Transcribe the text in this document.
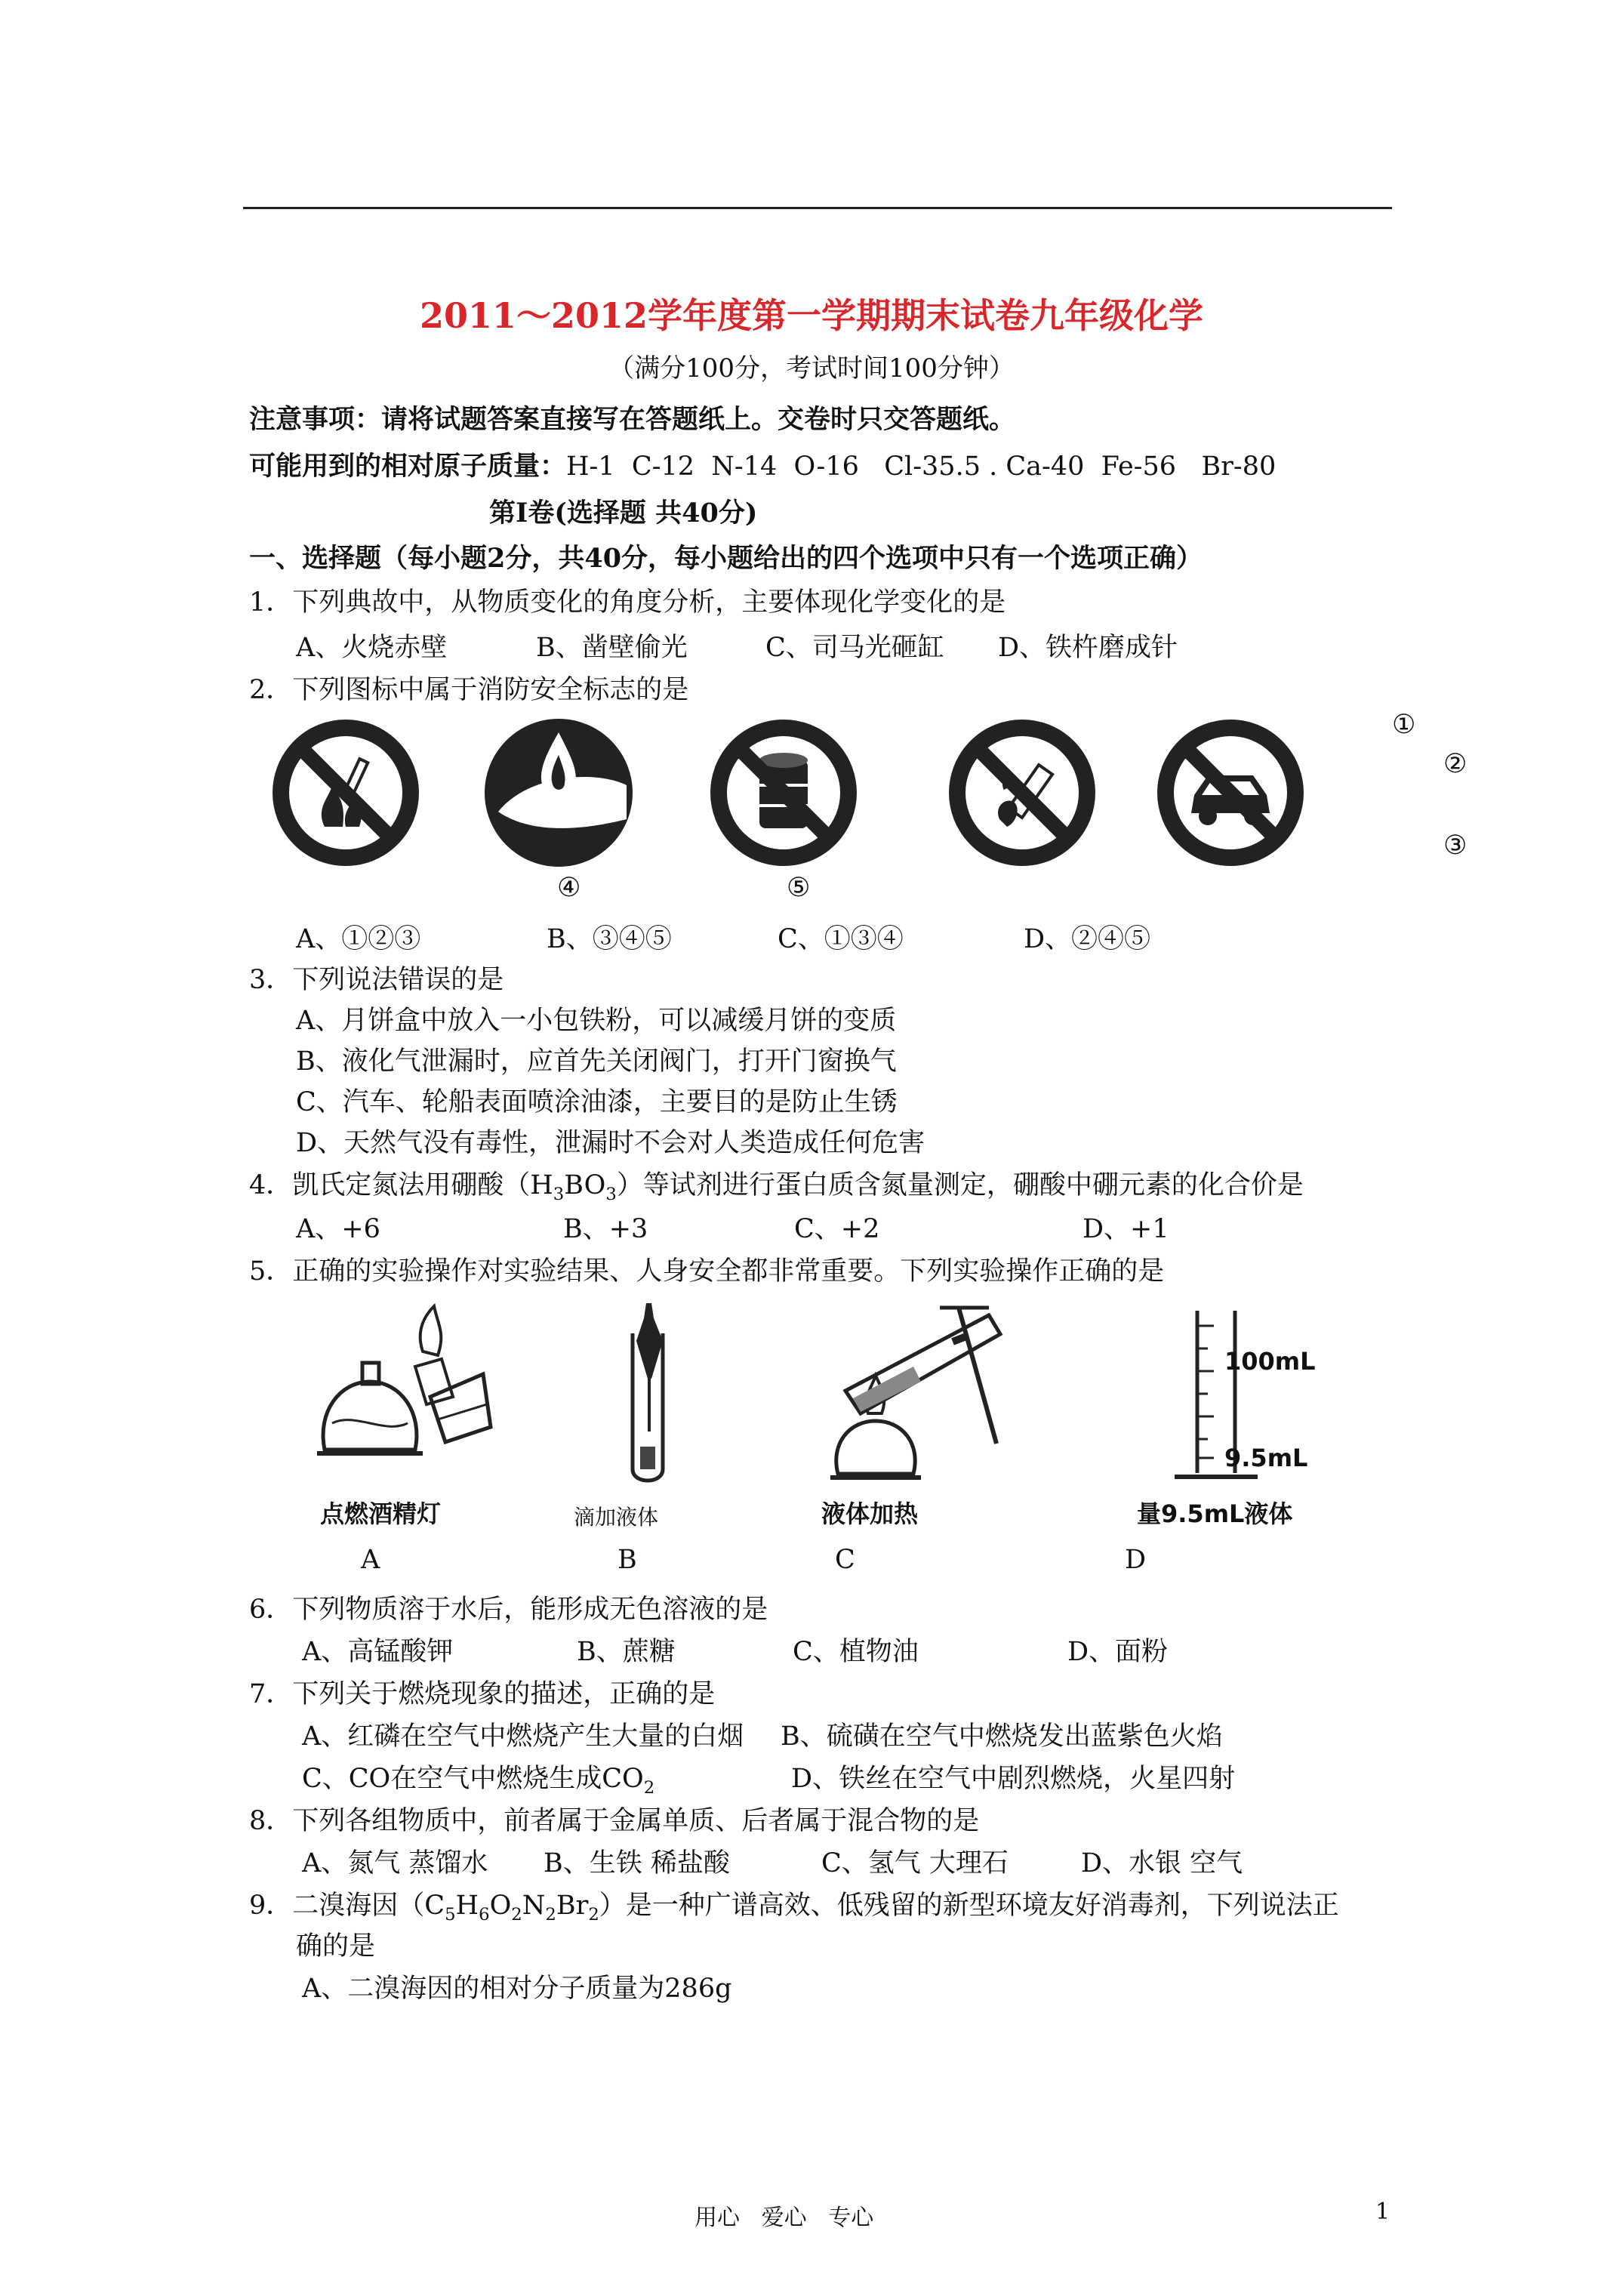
2011～2012学年度第一学期期末试卷九年级化学
（满分100分，考试时间100分钟）
注意事项：请将试题答案直接写在答题纸上。交卷时只交答题纸。
可能用到的相对原子质量：H-1  C-12  N-14  O-16   Cl-35.5 . Ca-40  Fe-56   Br-80
第Ⅰ卷(选择题 共40分)
一、选择题（每小题2分，共40分，每小题给出的四个选项中只有一个选项正确）
1．下列典故中，从物质变化的角度分析，主要体现化学变化的是
A、火烧赤壁	B、凿壁偷光	C、司马光砸缸 D、铁杵磨成针
2．下列图标中属于消防安全标志的是
①
②
③
④	⑤
A、①②③	B、③④⑤	C、①③④	D、②④⑤
3．下列说法错误的是
A、月饼盒中放入一小包铁粉，可以减缓月饼的变质
B、液化气泄漏时，应首先关闭阀门，打开门窗换气
C、汽车、轮船表面喷涂油漆，主要目的是防止生锈
D、天然气没有毒性，泄漏时不会对人类造成任何危害
4．凯氏定氮法用硼酸$(H_3BO_3)$等试剂进行蛋白质含氮量测定，硼酸中硼元素的化合价是
A、+6	B、+3	C、+2	D、+1
5．正确的实验操作对实验结果、人身安全都非常重要。下列实验操作正确的是
100mL
9.5mL
点燃酒精灯	滴加液体	液体加热	量9.5mL液体
A	B	C	D
6．下列物质溶于水后，能形成无色溶液的是
A、高锰酸钾	B、蔗糖	C、植物油	D、面粉
7．下列关于燃烧现象的描述，正确的是
A、红磷在空气中燃烧产生大量的白烟 B、硫磺在空气中燃烧发出蓝紫色火焰
C、CO在空气中燃烧生成$CO_2$	D、铁丝在空气中剧烈燃烧，火星四射
8．下列各组物质中，前者属于金属单质、后者属于混合物的是
A、氮气 蒸馏水 B、生铁 稀盐酸	C、氢气 大理石	D、水银 空气
9．二溴海因$(C_5H_6O_2N_2Br_2)$是一种广谱高效、低残留的新型环境友好消毒剂，下列说法正
确的是
A、二溴海因的相对分子质量为286g
用心   爱心   专心	1
